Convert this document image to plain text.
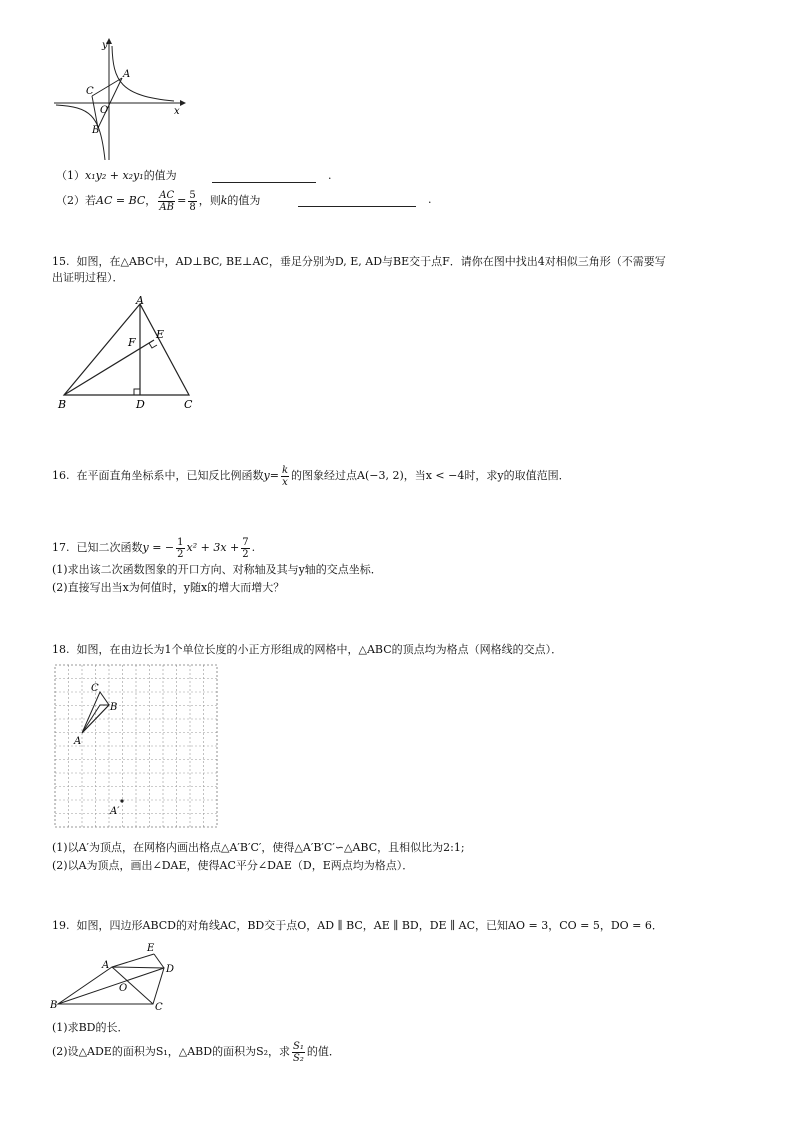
y
x
A
C
O
B
（1）x₁y₂ + x₂y₁的值为	.
（2）若AC = BC， $\frac{AC}{AB} = \frac{5}{8}$ ，则k的值为	.
15. 如图，在△ABC中，AD⊥BC, BE⊥AC，垂足分别为D, E, AD与BE交于点F．请你在图中找出4对相似三角形（不需要写
出证明过程）．
A
E
F
B	D	C
16. 在平面直角坐标系中，已知反比例函数$y= \frac{k}{x}$ 的图象经过点A(−3, 2)，当x < −4时，求y的取值范围．
17. 已知二次函数y = − $\frac{1}{2} x^2 + 3x + \frac{7}{2}$ .
(1)求出该二次函数图象的开口方向、对称轴及其与y轴的交点坐标．
(2)直接写出当x为何值时，y随x的增大而增大？
18. 如图，在由边长为1个单位长度的小正方形组成的网格中，△ABC的顶点均为格点（网格线的交点）．
C
B
A
A′
(1)以A′为顶点，在网格内画出格点△A′B′C′，使得△A′B′C′∽△ABC，且相似比为2:1;
(2)以A为顶点，画出∠DAE，使得AC平分∠DAE（D，E两点均为格点）．
19. 如图，四边形ABCD的对角线AC，BD交于点O，AD ∥ BC，AE ∥ BD，DE ∥ AC，已知AO = 3，CO = 5，DO = 6．
E
A	D
O
B	C
(1)求BD的长．
(2)设△ADE的面积为S₁，△ABD的面积为S₂，求 $\frac{\text{S₁}}{\text{S₂}}$ 的值．
